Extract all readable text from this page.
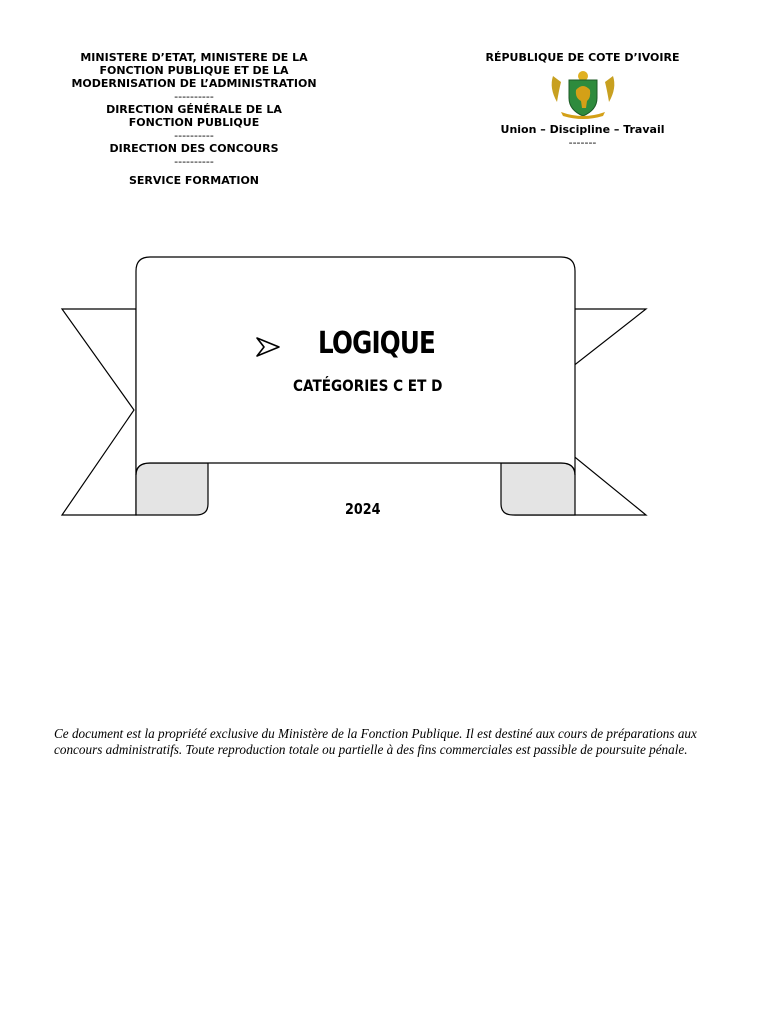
MINISTERE D’ETAT, MINISTERE DE LA
FONCTION PUBLIQUE ET DE LA
MODERNISATION DE L’ADMINISTRATION
----------
DIRECTION GÉNÉRALE DE LA
FONCTION PUBLIQUE
----------
DIRECTION DES CONCOURS
----------
SERVICE FORMATION
RÉPUBLIQUE DE COTE D’IVOIRE
Union – Discipline – Travail
-------
LOGIQUE
CATÉGORIES C ET D
2024
Ce document est la propriété exclusive du Ministère de la Fonction Publique. Il est destiné aux cours de préparations aux concours administratifs. Toute reproduction totale ou partielle à des fins commerciales est passible de poursuite pénale.
